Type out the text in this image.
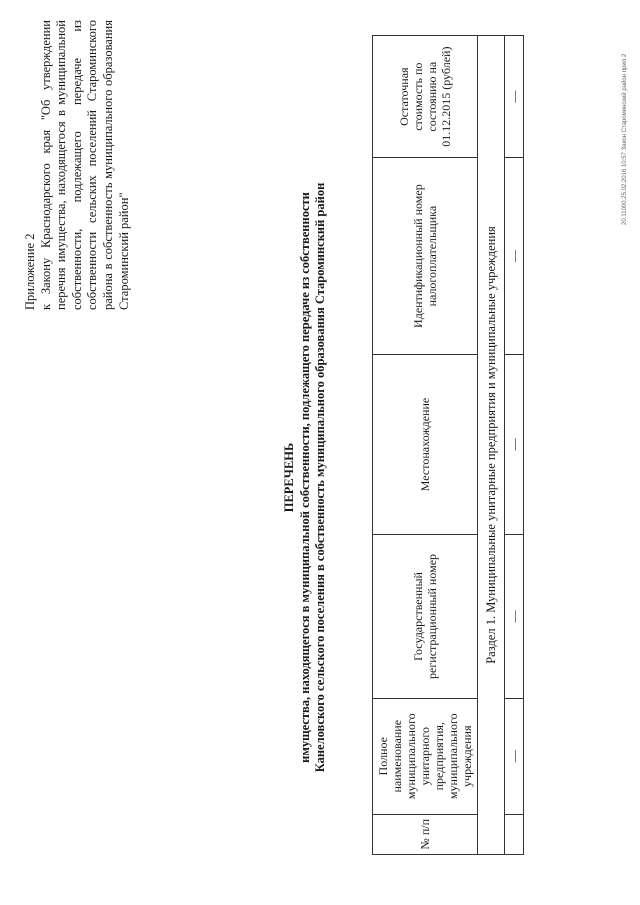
Приложение 2 к Закону Краснодарского края "Об утверждении перечня имущества, находящегося в муниципальной собственности, подлежащего передаче из собственности сельских поселений Староминского района в собственность муниципального образования Староминский район"
ПЕРЕЧЕНЬ имущества, находящегося в муниципальной собственности, подлежащего передаче из собственности Канеловского сельского поселения в собственность муниципального образования Староминский район
№ п/п	Полное наименование муниципального унитарного предприятия, муниципального учреждения	Государственный регистрационный номер	Местонахождение	Идентификационный номер налогоплательщика	Остаточная стоимость по состоянию на 01.12.2015 (рублей)
Раздел 1. Муниципальные унитарные предприятия и муниципальные учреждения					
	—	—	—	—	—	20.11000.25.02.2016 10:57 Закон Староминский район прил 2
